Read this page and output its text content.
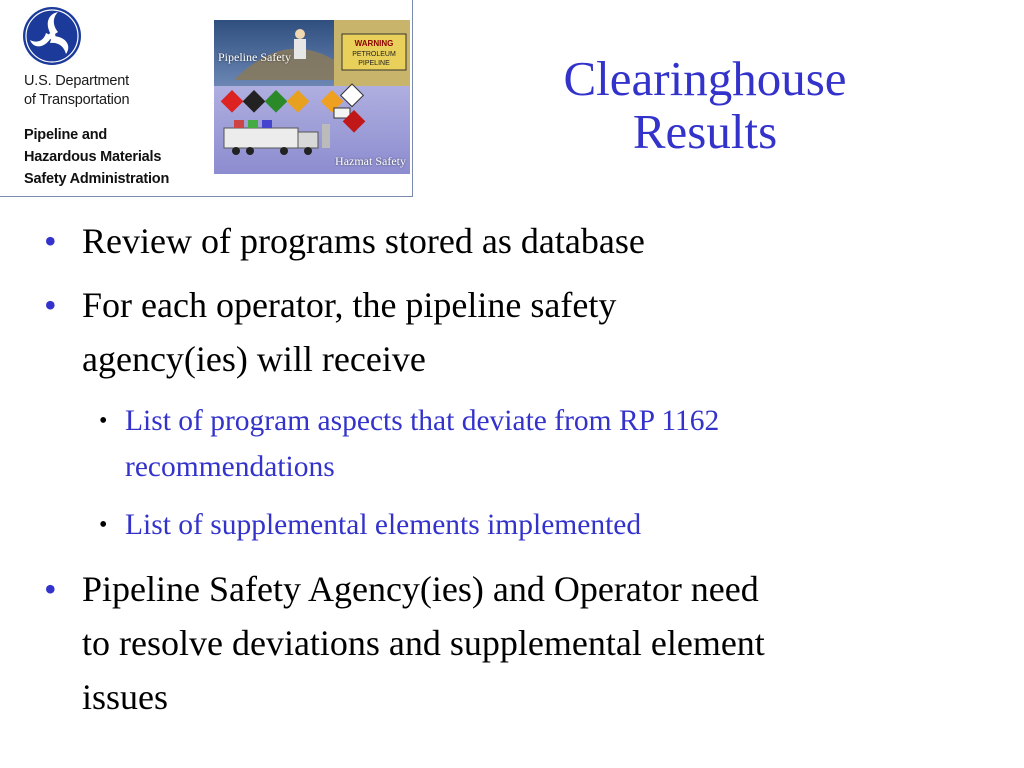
U.S. Department
of Transportation
Pipeline and
Hazardous Materials
Safety Administration
WARNING
PETROLEUM
PIPELINE
Pipeline Safety
Hazmat Safety
Clearinghouse
Results
• Review of programs stored as database
• For each operator, the pipeline safety
agency(ies) will receive
• List of program aspects that deviate from RP 1162
recommendations
• List of supplemental elements implemented
• Pipeline Safety Agency(ies) and Operator need
to resolve deviations and supplemental element
issues
